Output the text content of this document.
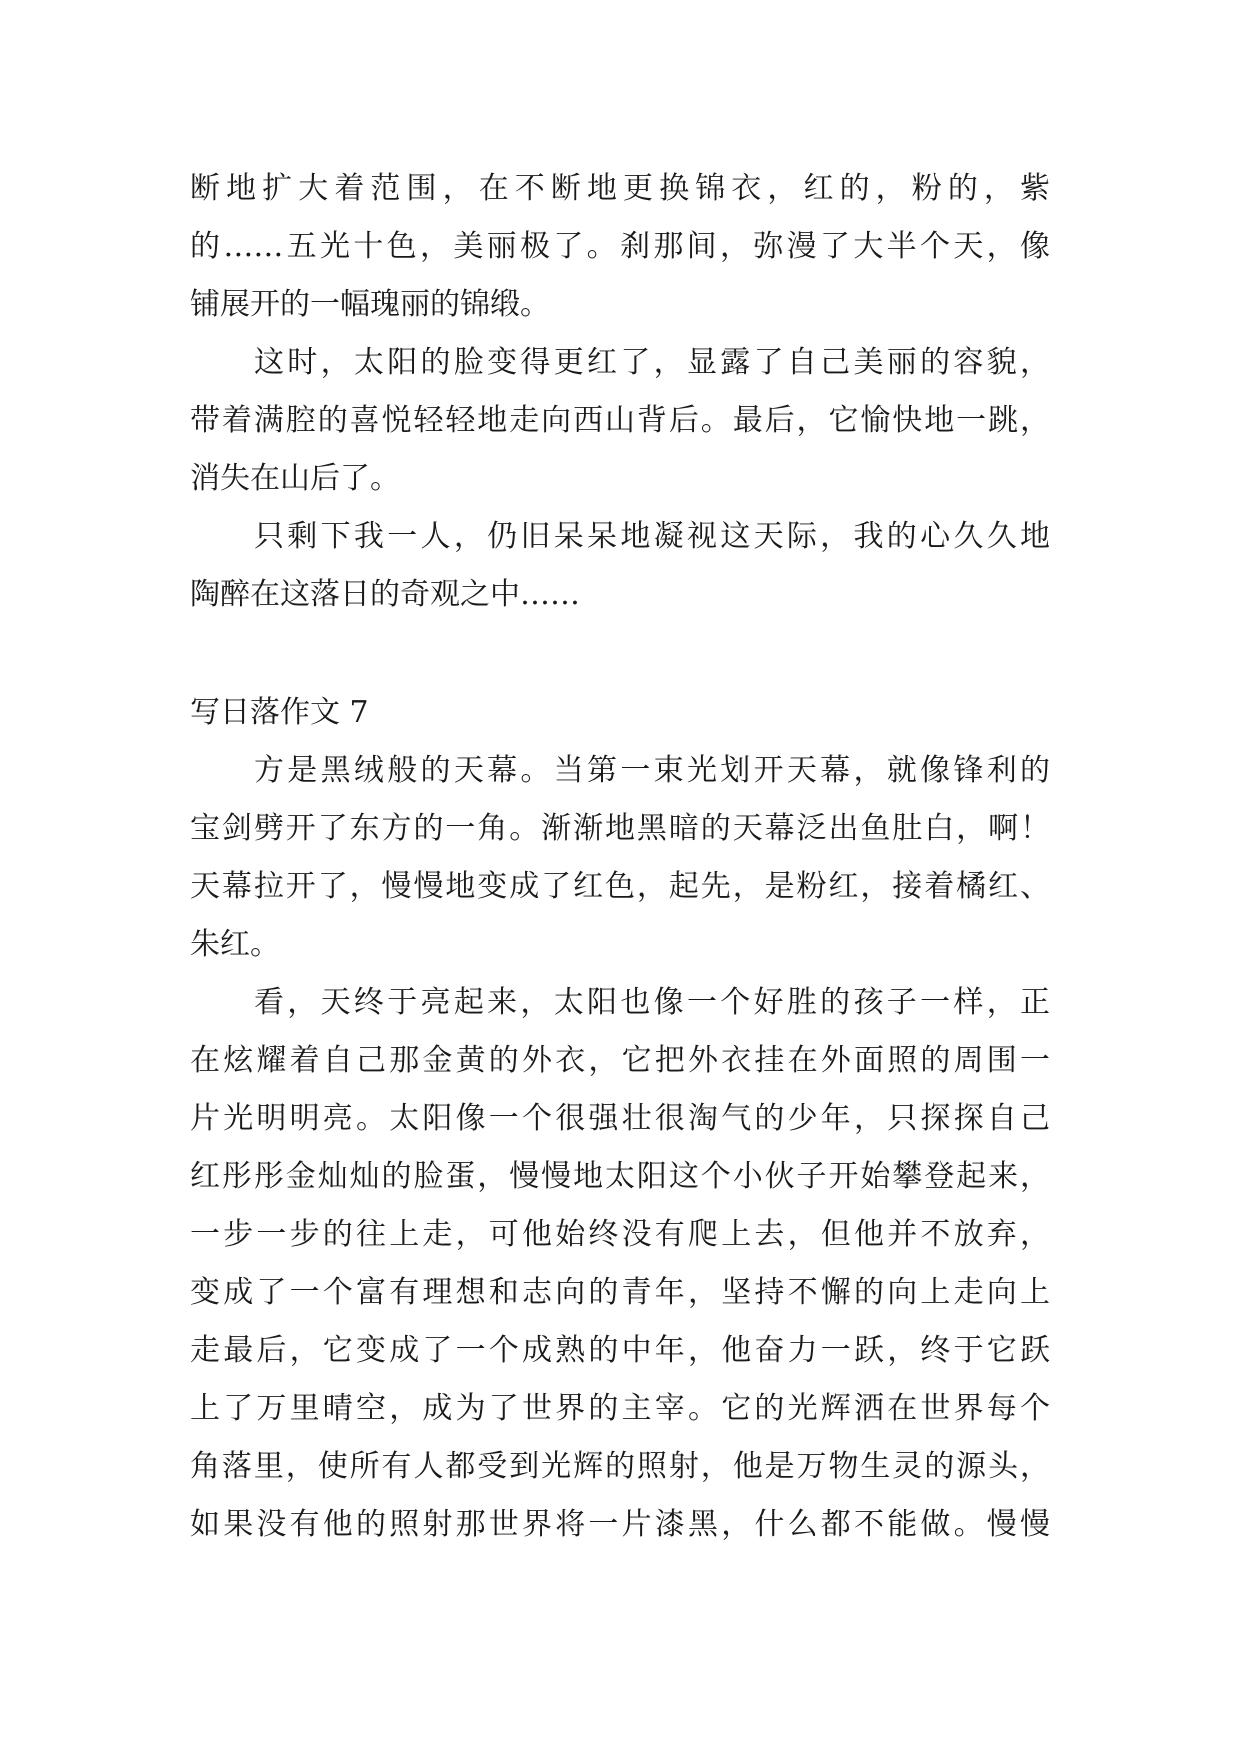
断地扩大着范围，在不断地更换锦衣，红的，粉的，紫
的……五光十色，美丽极了。刹那间，弥漫了大半个天，像
铺展开的一幅瑰丽的锦缎。
这时，太阳的脸变得更红了，显露了自己美丽的容貌，
带着满腔的喜悦轻轻地走向西山背后。最后，它愉快地一跳，
消失在山后了。
只剩下我一人，仍旧呆呆地凝视这天际，我的心久久地
陶醉在这落日的奇观之中……
写日落作文 7
方是黑绒般的天幕。当第一束光划开天幕，就像锋利的
宝剑劈开了东方的一角。渐渐地黑暗的天幕泛出鱼肚白，啊！
天幕拉开了，慢慢地变成了红色，起先，是粉红，接着橘红、
朱红。
看，天终于亮起来，太阳也像一个好胜的孩子一样，正
在炫耀着自己那金黄的外衣，它把外衣挂在外面照的周围一
片光明明亮。太阳像一个很强壮很淘气的少年，只探探自己
红彤彤金灿灿的脸蛋，慢慢地太阳这个小伙子开始攀登起来，
一步一步的往上走，可他始终没有爬上去，但他并不放弃，
变成了一个富有理想和志向的青年，坚持不懈的向上走向上
走最后，它变成了一个成熟的中年，他奋力一跃，终于它跃
上了万里晴空，成为了世界的主宰。它的光辉洒在世界每个
角落里，使所有人都受到光辉的照射，他是万物生灵的源头，
如果没有他的照射那世界将一片漆黑，什么都不能做。慢慢
